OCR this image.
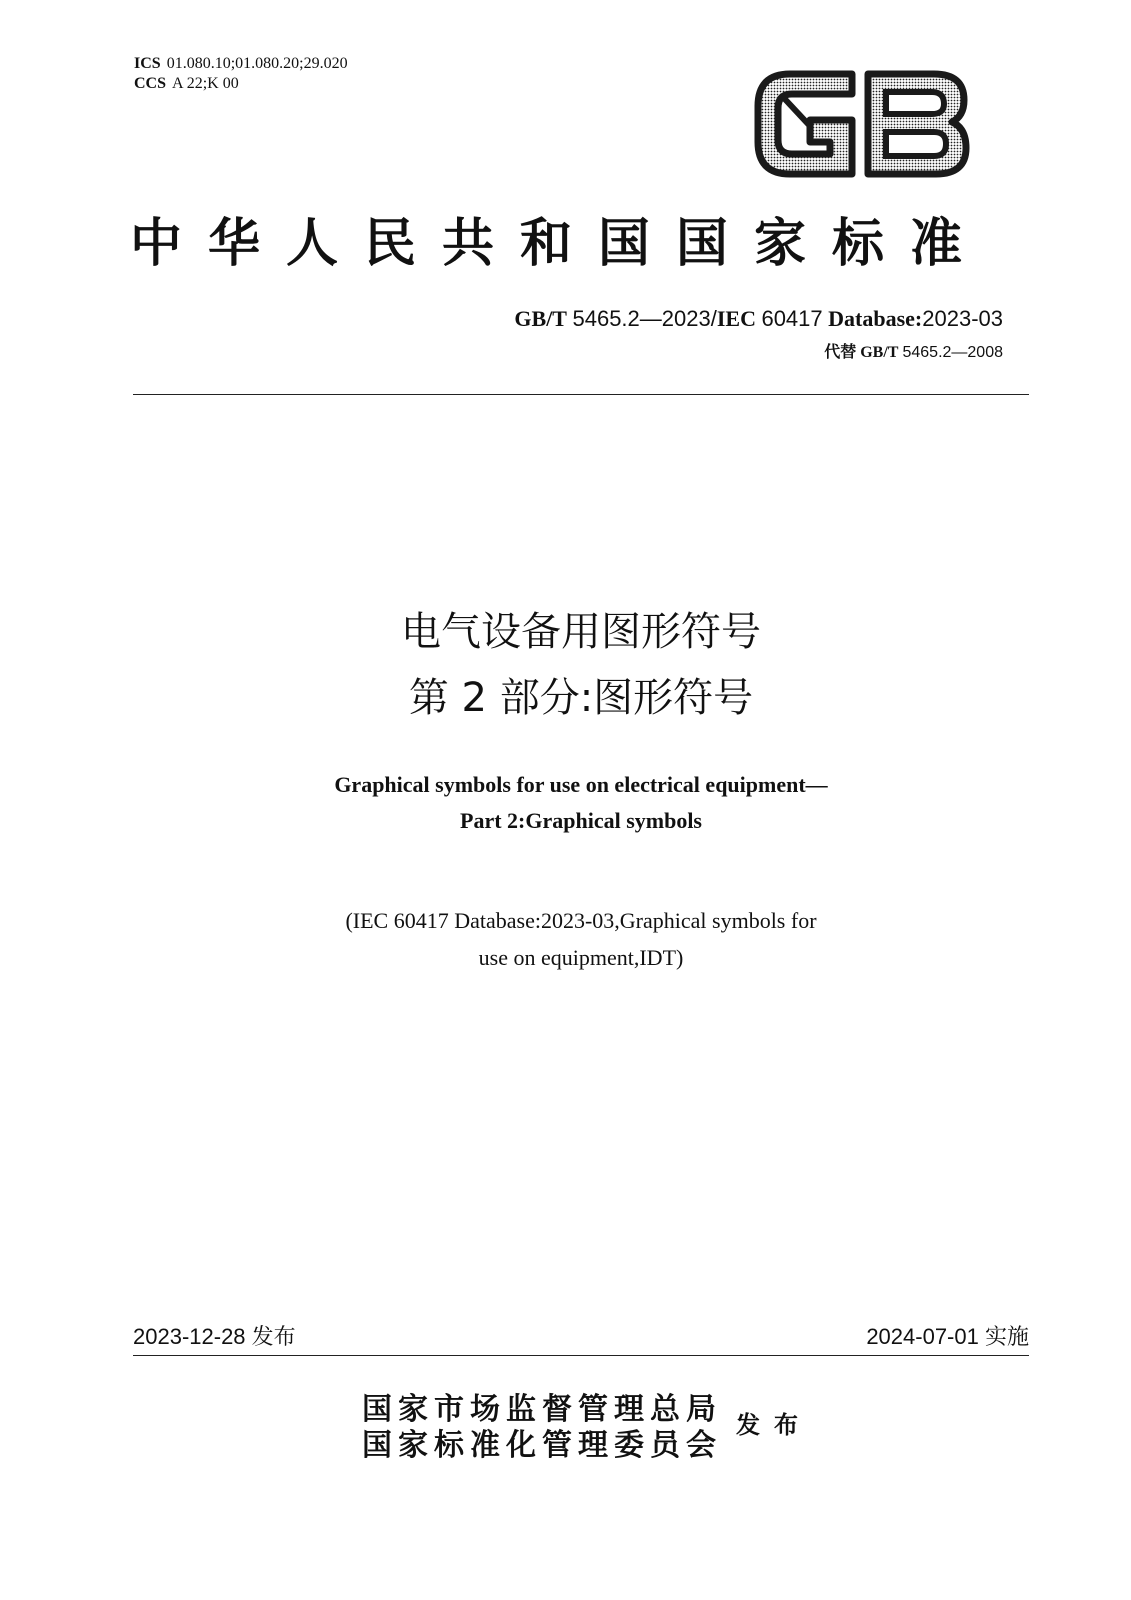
ICS 01.080.10;01.080.20;29.020
CCS A 22;K 00
中华人民共和国国家标准
GB/T 5465.2—2023/IEC 60417 Database:2023-03
代替 GB/T 5465.2—2008
电气设备用图形符号
第 2 部分:图形符号
Graphical symbols for use on electrical equipment—
Part 2:Graphical symbols
(IEC 60417 Database:2023-03,Graphical symbols for
use on equipment,IDT)
2023-12-28 发布	2024-07-01 实施
国家市场监督管理总局
国家标准化管理委员会
发布
